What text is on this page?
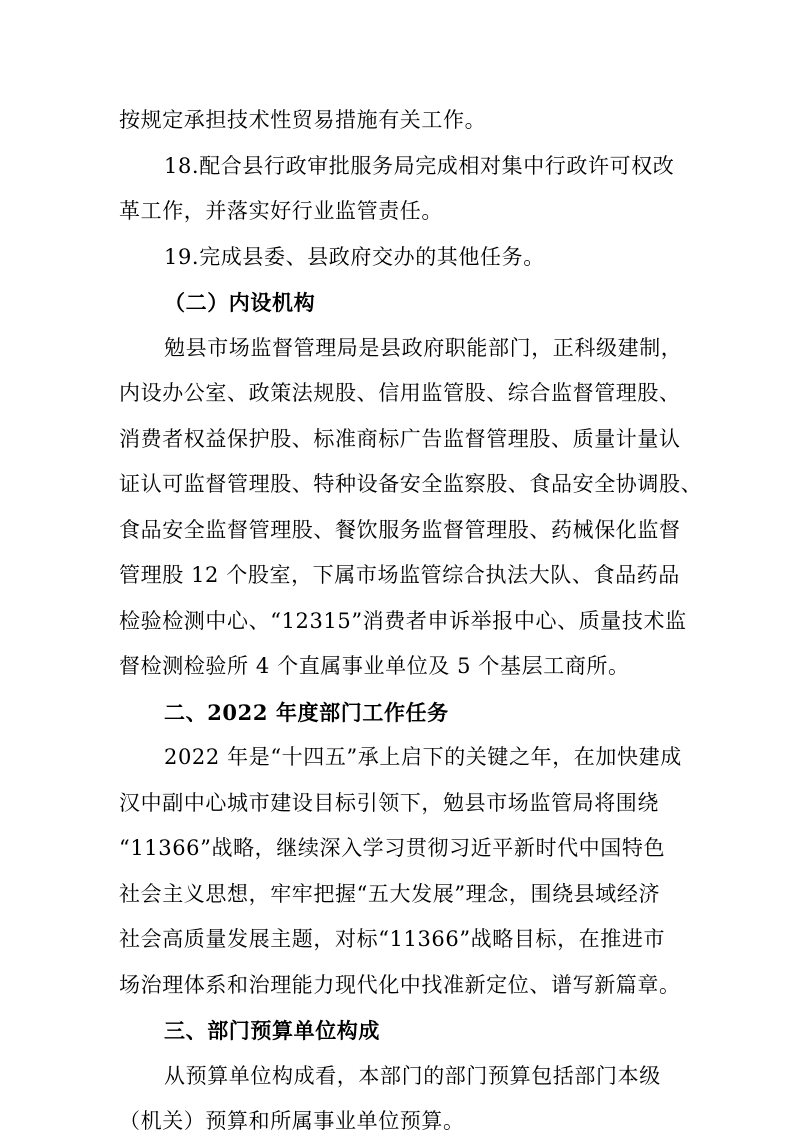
按规定承担技术性贸易措施有关工作。
18.配合县行政审批服务局完成相对集中行政许可权改
革工作，并落实好行业监管责任。
19.完成县委、县政府交办的其他任务。
（二）内设机构
勉县市场监督管理局是县政府职能部门，正科级建制，
内设办公室、政策法规股、信用监管股、综合监督管理股、
消费者权益保护股、标准商标广告监督管理股、质量计量认
证认可监督管理股、特种设备安全监察股、食品安全协调股、
食品安全监督管理股、餐饮服务监督管理股、药械保化监督
管理股 12 个股室，下属市场监管综合执法大队、食品药品
检验检测中心、“12315”消费者申诉举报中心、质量技术监
督检测检验所 4 个直属事业单位及 5 个基层工商所。
二、2022 年度部门工作任务
2022 年是“十四五”承上启下的关键之年，在加快建成
汉中副中心城市建设目标引领下，勉县市场监管局将围绕
“11366”战略，继续深入学习贯彻习近平新时代中国特色
社会主义思想，牢牢把握“五大发展”理念，围绕县域经济
社会高质量发展主题，对标“11366”战略目标，在推进市
场治理体系和治理能力现代化中找准新定位、谱写新篇章。
三、部门预算单位构成
从预算单位构成看，本部门的部门预算包括部门本级
（机关）预算和所属事业单位预算。
